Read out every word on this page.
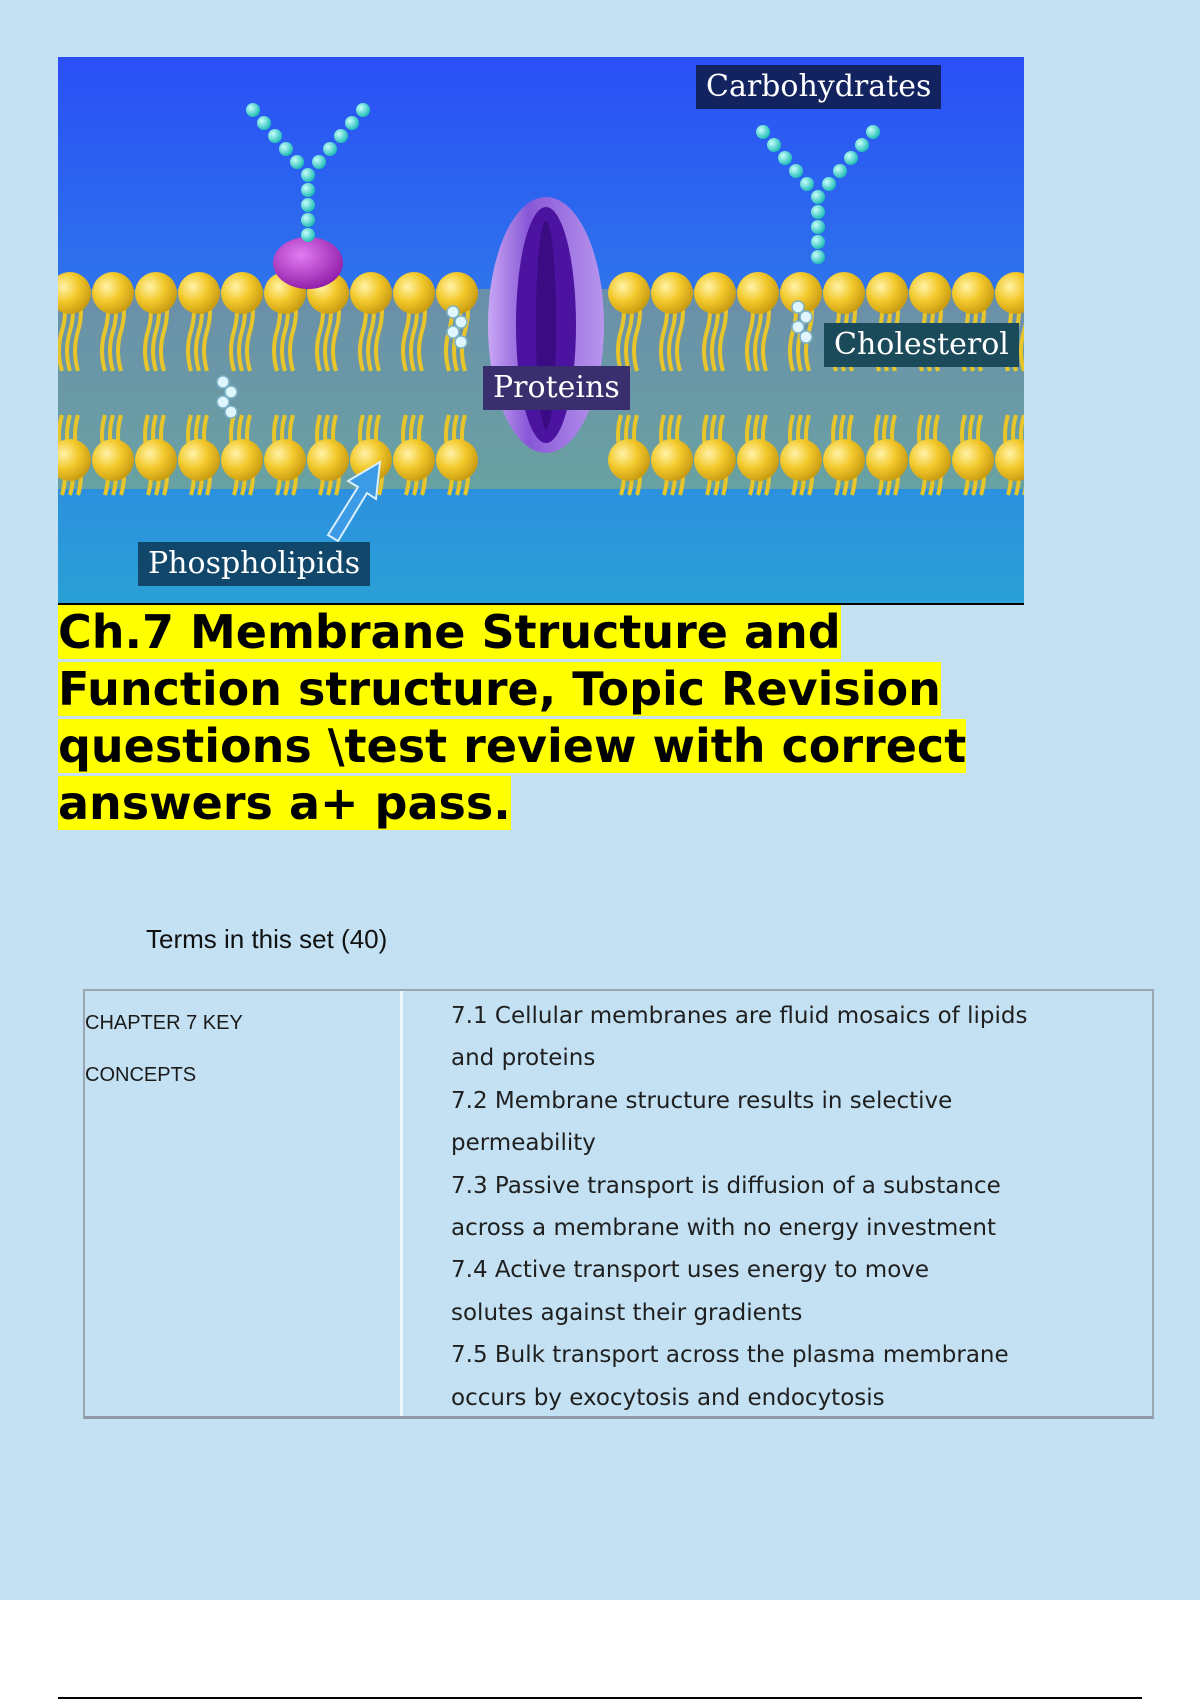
Carbohydrates
Cholesterol
Proteins
Phospholipids
Ch.7 Membrane Structure and
Function structure, Topic Revision
questions \test review with correct
answers a+ pass.
Terms in this set (40)

CHAPTER 7 KEY

CONCEPTS

7.1 Cellular membranes are fluid mosaics of lipids

and proteins

7.2 Membrane structure results in selective

permeability

7.3 Passive transport is diffusion of a substance

across a membrane with no energy investment

7.4 Active transport uses energy to move

solutes against their gradients

7.5 Bulk transport across the plasma membrane

occurs by exocytosis and endocytosis
